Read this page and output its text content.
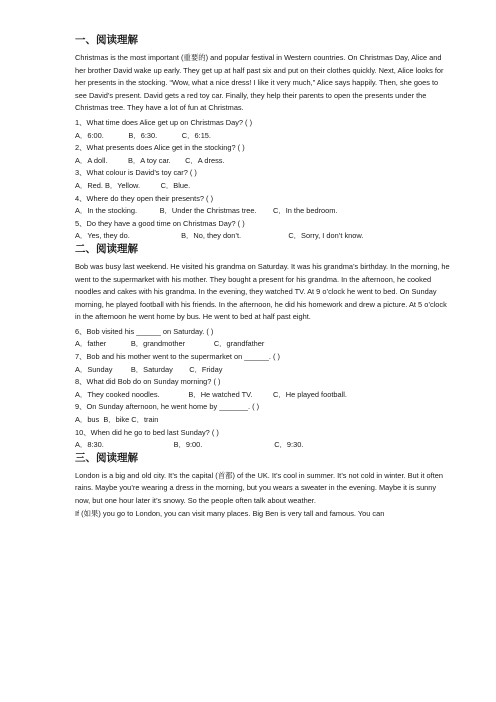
一、阅读理解

Christmas is the most important (重要的) and popular festival in Western countries. On Christmas Day, Alice and her brother David wake up early. They get up at half past six and put on their clothes quickly. Next, Alice looks for her presents in the stocking. “Wow, what a nice dress! I like it very much,” Alice says happily. Then, she goes to see David’s present. David gets a red toy car. Finally, they help their parents to open the presents under the Christmas tree. They have a lot of fun at Christmas.

1、What time does Alice get up on Christmas Day? ( )

A．6:00.            B．6:30.            C．6:15.

2、What presents does Alice get in the stocking? ( )

A．A doll.          B．A toy car.       C．A dress.

3、What colour is David’s toy car? ( )

A．Red. B．Yellow.          C．Blue.

4、Where do they open their presents? ( )

A．In the stocking.           B．Under the Christmas tree.        C．In the bedroom.

5、Do they have a good time on Christmas Day? ( )

A．Yes, they do.                         B．No, they don’t.                       C．Sorry, I don’t know.

二、阅读理解

Bob was busy last weekend. He visited his grandma on Saturday. It was his grandma’s birthday. In the morning, he went to the supermarket with his mother. They bought a present for his grandma. In the afternoon, he cooked noodles and cakes with his grandma. In the evening, they watched TV. At 9 o’clock he went to bed. On Sunday morning, he played football with his friends. In the afternoon, he did his homework and drew a picture. At 5 o’clock in the afternoon he went home by bus. He went to bed at half past eight.

6、Bob visited his ______ on Saturday. ( )

A．father            B．grandmother              C．grandfather

7、Bob and his mother went to the supermarket on ______. ( )

A．Sunday         B．Saturday        C．Friday

8、What did Bob do on Sunday morning? ( )

A．They cooked noodles.              B．He watched TV.          C．He played football.

9、On Sunday afternoon, he went home by _______. ( )

A．bus  B．bike C．train

10、When did he go to bed last Sunday? ( )

A．8:30.                                  B．9:00.                                   C．9:30.

三、阅读理解

London is a big and old city. It’s the capital (首都) of the UK. It’s cool in summer. It’s not cold in winter. But it often rains. Maybe you’re wearing a dress in the morning, but you wears a sweater in the evening. Maybe it is sunny now, but one hour later it’s snowy. So the people often talk about weather.

If (如果) you go to London, you can visit many places. Big Ben is very tall and famous. You can
